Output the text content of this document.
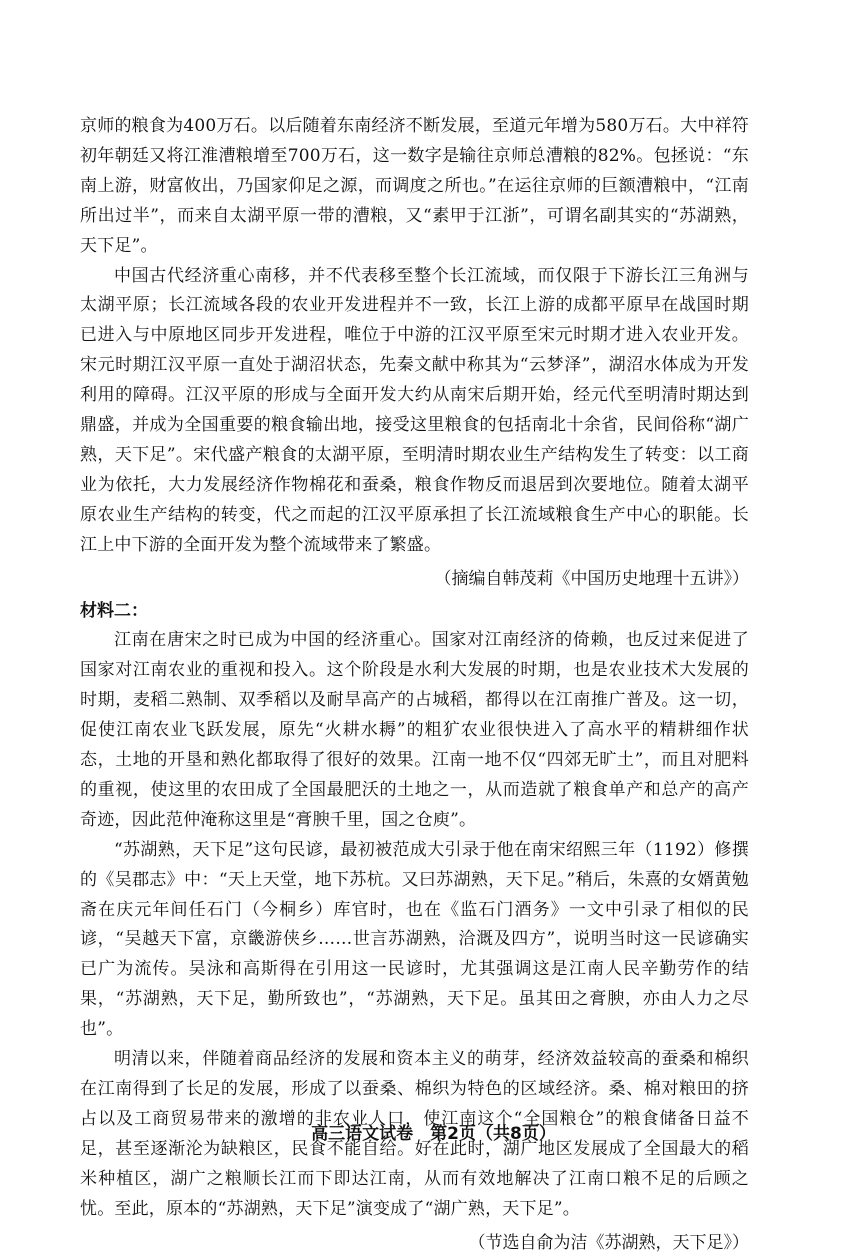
京师的粮食为400万石。以后随着东南经济不断发展，至道元年增为580万石。大中祥符初年朝廷又将江淮漕粮增至700万石，这一数字是输往京师总漕粮的82%。包拯说：“东南上游，财富攸出，乃国家仰足之源，而调度之所也。”在运往京师的巨额漕粮中，“江南所出过半”，而来自太湖平原一带的漕粮，又“素甲于江浙”，可谓名副其实的“苏湖熟，天下足”。

中国古代经济重心南移，并不代表移至整个长江流域，而仅限于下游长江三角洲与太湖平原；长江流域各段的农业开发进程并不一致，长江上游的成都平原早在战国时期已进入与中原地区同步开发进程，唯位于中游的江汉平原至宋元时期才进入农业开发。宋元时期江汉平原一直处于湖沼状态，先秦文献中称其为“云梦泽”，湖沼水体成为开发利用的障碍。江汉平原的形成与全面开发大约从南宋后期开始，经元代至明清时期达到鼎盛，并成为全国重要的粮食输出地，接受这里粮食的包括南北十余省，民间俗称“湖广熟，天下足”。宋代盛产粮食的太湖平原，至明清时期农业生产结构发生了转变：以工商业为依托，大力发展经济作物棉花和蚕桑，粮食作物反而退居到次要地位。随着太湖平原农业生产结构的转变，代之而起的江汉平原承担了长江流域粮食生产中心的职能。长江上中下游的全面开发为整个流域带来了繁盛。

（摘编自韩茂莉《中国历史地理十五讲》）

材料二：

江南在唐宋之时已成为中国的经济重心。国家对江南经济的倚赖，也反过来促进了国家对江南农业的重视和投入。这个阶段是水利大发展的时期，也是农业技术大发展的时期，麦稻二熟制、双季稻以及耐旱高产的占城稻，都得以在江南推广普及。这一切，促使江南农业飞跃发展，原先“火耕水耨”的粗犷农业很快进入了高水平的精耕细作状态，土地的开垦和熟化都取得了很好的效果。江南一地不仅“四郊无旷土”，而且对肥料的重视，使这里的农田成了全国最肥沃的土地之一，从而造就了粮食单产和总产的高产奇迹，因此范仲淹称这里是“膏腴千里，国之仓庾”。

“苏湖熟，天下足”这句民谚，最初被范成大引录于他在南宋绍熙三年（1192）修撰的《吴郡志》中：“天上天堂，地下苏杭。又曰苏湖熟，天下足。”稍后，朱熹的女婿黄勉斋在庆元年间任石门（今桐乡）库官时，也在《监石门酒务》一文中引录了相似的民谚，“吴越天下富，京畿游侠乡……世言苏湖熟，洽溉及四方”，说明当时这一民谚确实已广为流传。吴泳和高斯得在引用这一民谚时，尤其强调这是江南人民辛勤劳作的结果，“苏湖熟，天下足，勤所致也”，“苏湖熟，天下足。虽其田之膏腴，亦由人力之尽也”。

明清以来，伴随着商品经济的发展和资本主义的萌芽，经济效益较高的蚕桑和棉织在江南得到了长足的发展，形成了以蚕桑、棉织为特色的区域经济。桑、棉对粮田的挤占以及工商贸易带来的激增的非农业人口，使江南这个“全国粮仓”的粮食储备日益不足，甚至逐渐沦为缺粮区，民食不能自给。好在此时，湖广地区发展成了全国最大的稻米种植区，湖广之粮顺长江而下即达江南，从而有效地解决了江南口粮不足的后顾之忧。至此，原本的“苏湖熟，天下足”演变成了“湖广熟，天下足”。

（节选自俞为洁《苏湖熟，天下足》）

高三语文试卷　第2页（共8页）
